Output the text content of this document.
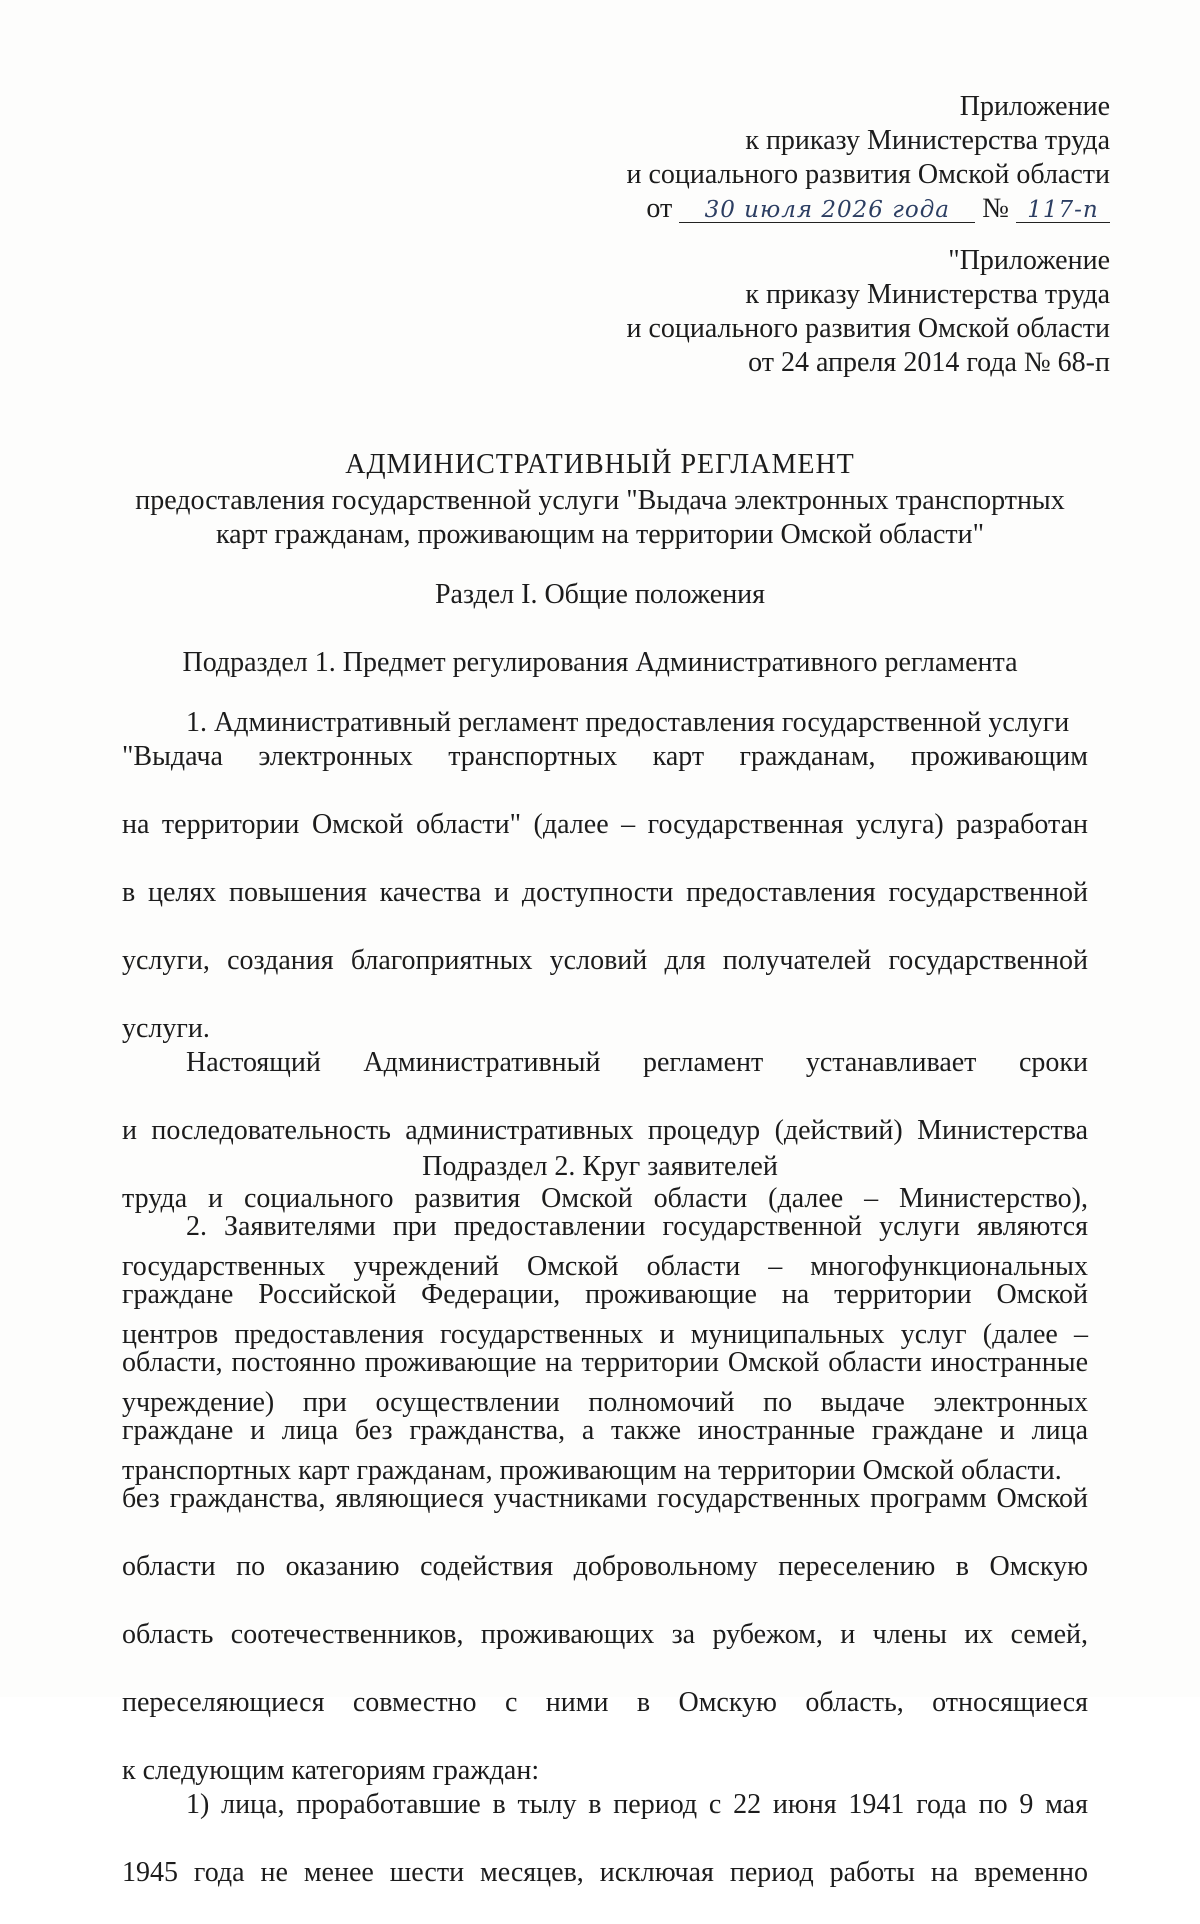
Приложение
к приказу Министерства труда
и социального развития Омской области
от 30 июля 2026 года № 117-п
"Приложение
к приказу Министерства труда
и социального развития Омской области
от 24 апреля 2014 года № 68-п
АДМИНИСТРАТИВНЫЙ РЕГЛАМЕНТ
предоставления государственной услуги "Выдача электронных транспортных
карт гражданам, проживающим на территории Омской области"
Раздел I. Общие положения
Подраздел 1. Предмет регулирования Административного регламента
1. Административный регламент предоставления государственной услуги
"Выдача электронных транспортных карт гражданам, проживающим
на территории Омской области" (далее – государственная услуга) разработан
в целях повышения качества и доступности предоставления государственной
услуги, создания благоприятных условий для получателей государственной
услуги.
Настоящий Административный регламент устанавливает сроки
и последовательность административных процедур (действий) Министерства
труда и социального развития Омской области (далее – Министерство),
государственных учреждений Омской области – многофункциональных
центров предоставления государственных и муниципальных услуг (далее –
учреждение) при осуществлении полномочий по выдаче электронных
транспортных карт гражданам, проживающим на территории Омской области.
Подраздел 2. Круг заявителей
2. Заявителями при предоставлении государственной услуги являются
граждане Российской Федерации, проживающие на территории Омской
области, постоянно проживающие на территории Омской области иностранные
граждане и лица без гражданства, а также иностранные граждане и лица
без гражданства, являющиеся участниками государственных программ Омской
области по оказанию содействия добровольному переселению в Омскую
область соотечественников, проживающих за рубежом, и члены их семей,
переселяющиеся совместно с ними в Омскую область, относящиеся
к следующим категориям граждан:
1) лица, проработавшие в тылу в период с 22 июня 1941 года по 9 мая
1945 года не менее шести месяцев, исключая период работы на временно
